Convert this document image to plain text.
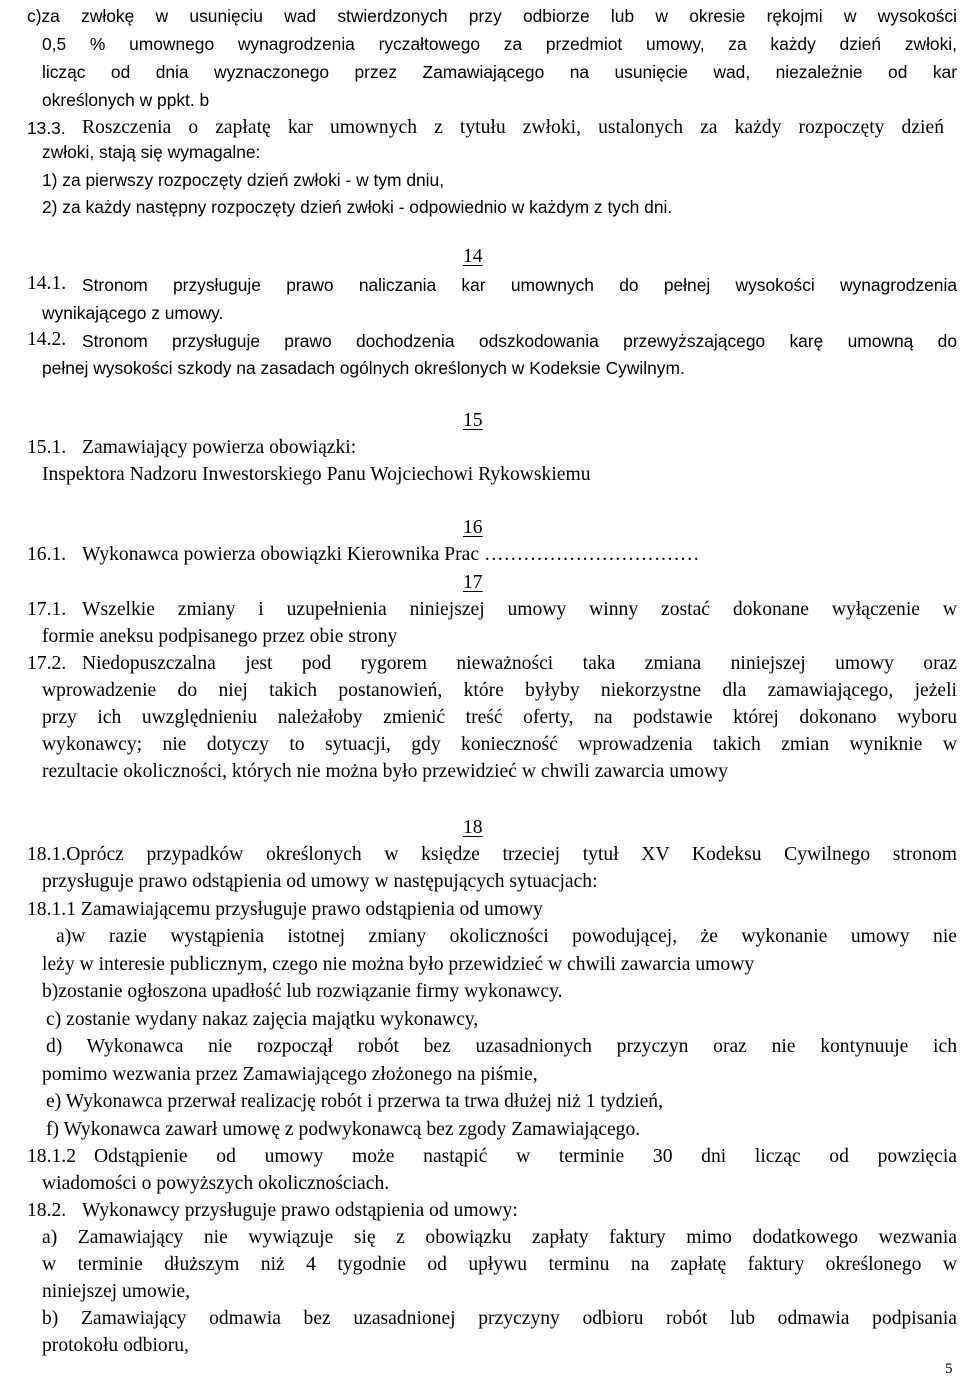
c)za zwłokę w usunięciu wad stwierdzonych przy odbiorze lub w okresie rękojmi w wysokości
0,5 % umownego wynagrodzenia ryczałtowego za przedmiot umowy, za każdy dzień zwłoki,
licząc od dnia wyznaczonego przez Zamawiającego na usunięcie wad, niezależnie od kar
określonych w ppkt. b
13.3. Roszczenia o zapłatę kar umownych z tytułu zwłoki, ustalonych za każdy rozpoczęty dzień
zwłoki, stają się wymagalne:
1) za pierwszy rozpoczęty dzień zwłoki - w tym dniu,
2) za każdy następny rozpoczęty dzień zwłoki - odpowiednio w każdym z tych dni.
14
14.1. Stronom przysługuje prawo naliczania kar umownych do pełnej wysokości wynagrodzenia
wynikającego z umowy.
14.2. Stronom przysługuje prawo dochodzenia odszkodowania przewyższającego karę umowną do
pełnej wysokości szkody na zasadach ogólnych określonych w Kodeksie Cywilnym.
15
15.1. Zamawiający powierza obowiązki:
Inspektora Nadzoru Inwestorskiego Panu Wojciechowi Rykowskiemu
16
16.1. Wykonawca powierza obowiązki Kierownika Prac ……………………………
17
17.1. Wszelkie zmiany i uzupełnienia niniejszej umowy winny zostać dokonane wyłączenie w
formie aneksu podpisanego przez obie strony
17.2. Niedopuszczalna jest pod rygorem nieważności taka zmiana niniejszej umowy oraz
wprowadzenie do niej takich postanowień, które byłyby niekorzystne dla zamawiającego, jeżeli
przy ich uwzględnieniu należałoby zmienić treść oferty, na podstawie której dokonano wyboru
wykonawcy; nie dotyczy to sytuacji, gdy konieczność wprowadzenia takich zmian wyniknie w
rezultacie okoliczności, których nie można było przewidzieć w chwili zawarcia umowy
18
18.1.Oprócz przypadków określonych w księdze trzeciej tytuł XV Kodeksu Cywilnego stronom
przysługuje prawo odstąpienia od umowy w następujących sytuacjach:
18.1.1 Zamawiającemu przysługuje prawo odstąpienia od umowy
a)w razie wystąpienia istotnej zmiany okoliczności powodującej, że wykonanie umowy nie
leży w interesie publicznym, czego nie można było przewidzieć w chwili zawarcia umowy
b)zostanie ogłoszona upadłość lub rozwiązanie firmy wykonawcy.
c) zostanie wydany nakaz zajęcia majątku wykonawcy,
d) Wykonawca nie rozpoczął robót bez uzasadnionych przyczyn oraz nie kontynuuje ich
pomimo wezwania przez Zamawiającego złożonego na piśmie,
e) Wykonawca przerwał realizację robót i przerwa ta trwa dłużej niż 1 tydzień,
f) Wykonawca zawarł umowę z podwykonawcą bez zgody Zamawiającego.
18.1.2 Odstąpienie od umowy może nastąpić w terminie 30 dni licząc od powzięcia
wiadomości o powyższych okolicznościach.
18.2. Wykonawcy przysługuje prawo odstąpienia od umowy:
a) Zamawiający nie wywiązuje się z obowiązku zapłaty faktury mimo dodatkowego wezwania
w terminie dłuższym niż 4 tygodnie od upływu terminu na zapłatę faktury określonego w
niniejszej umowie,
b) Zamawiający odmawia bez uzasadnionej przyczyny odbioru robót lub odmawia podpisania
protokołu odbioru,
5
